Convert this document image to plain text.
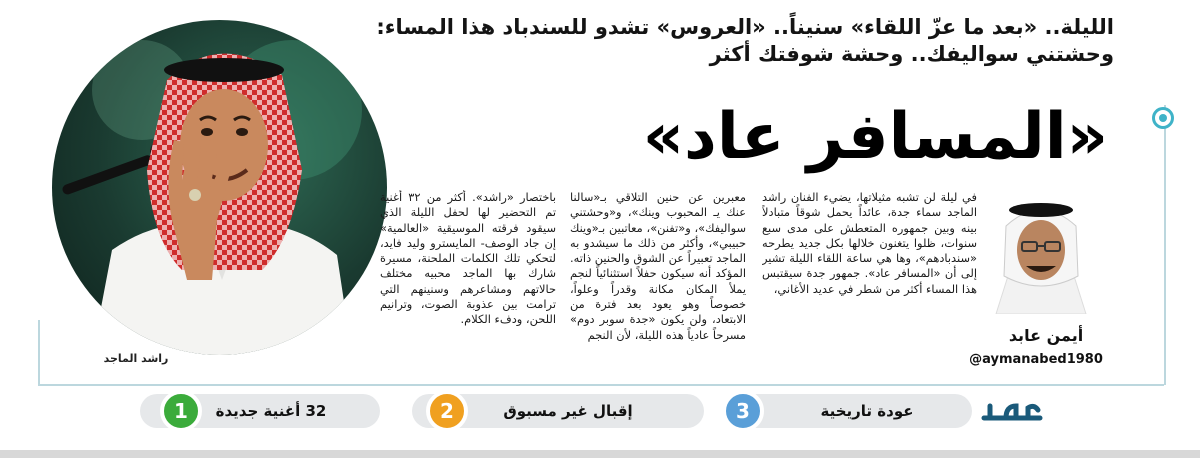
الليلة.. «بعد ما عزّ اللقاء» سنيناً.. «العروس» تشدو للسندباد هذا المساء:
وحشتني سواليفك.. وحشة شوفتك أكثر
«المسافر عاد»
راشد الماجد
في ليلة لن تشبه مثيلاتها، يضيء الفنان راشد الماجد سماء جدة، عائداً يحمل شوقاً متبادلاً بينه وبين جمهوره المتعطش على مدى سبع سنوات، ظلوا يتغنون خلالها بكل جديد يطرحه «سندبادهم»، وها هي ساعة اللقاء الليلة تشير إلى أن «المسافر عاد». جمهور جدة سيقتبس هذا المساء أكثر من شطر في عديد الأغاني،
معبرين عن حنين التلاقي بـ«سالنا عنك يـ المحبوب وينك»، و«وحشتني سواليفك»، و«تفنن»، معاتبين بـ«وينك حبيبي»، وأكثر من ذلك ما سيشدو به الماجد تعبيراً عن الشوق والحنين ذاته. المؤكد أنه سيكون حفلاً استثنائياً لنجم يملأ المكان مكانة وقدراً وعلواً، خصوصاً وهو يعود بعد فترة من الابتعاد، ولن يكون «جدة سوبر دوم» مسرحاً عادياً هذه الليلة، لأن النجم
باختصار «راشد». أكثر من ٣٢ أغنية تم التحضير لها لحفل الليلة الذي سيقود فرقته الموسيقية «العالمية» إن جاد الوصف- المايسترو وليد فايد، لتحكي تلك الكلمات الملحنة، مسيرة شارك بها الماجد محبيه مختلف حالاتهم ومشاعرهم وسنينهم التي ترامت بين عذوبة الصوت، وترانيم اللحن، ودفء الكلام.
أيمن عابد
@aymanabed1980
عودة تاريخية
3
إقبال غير مسبوق
2
32 أغنية جديدة
1
